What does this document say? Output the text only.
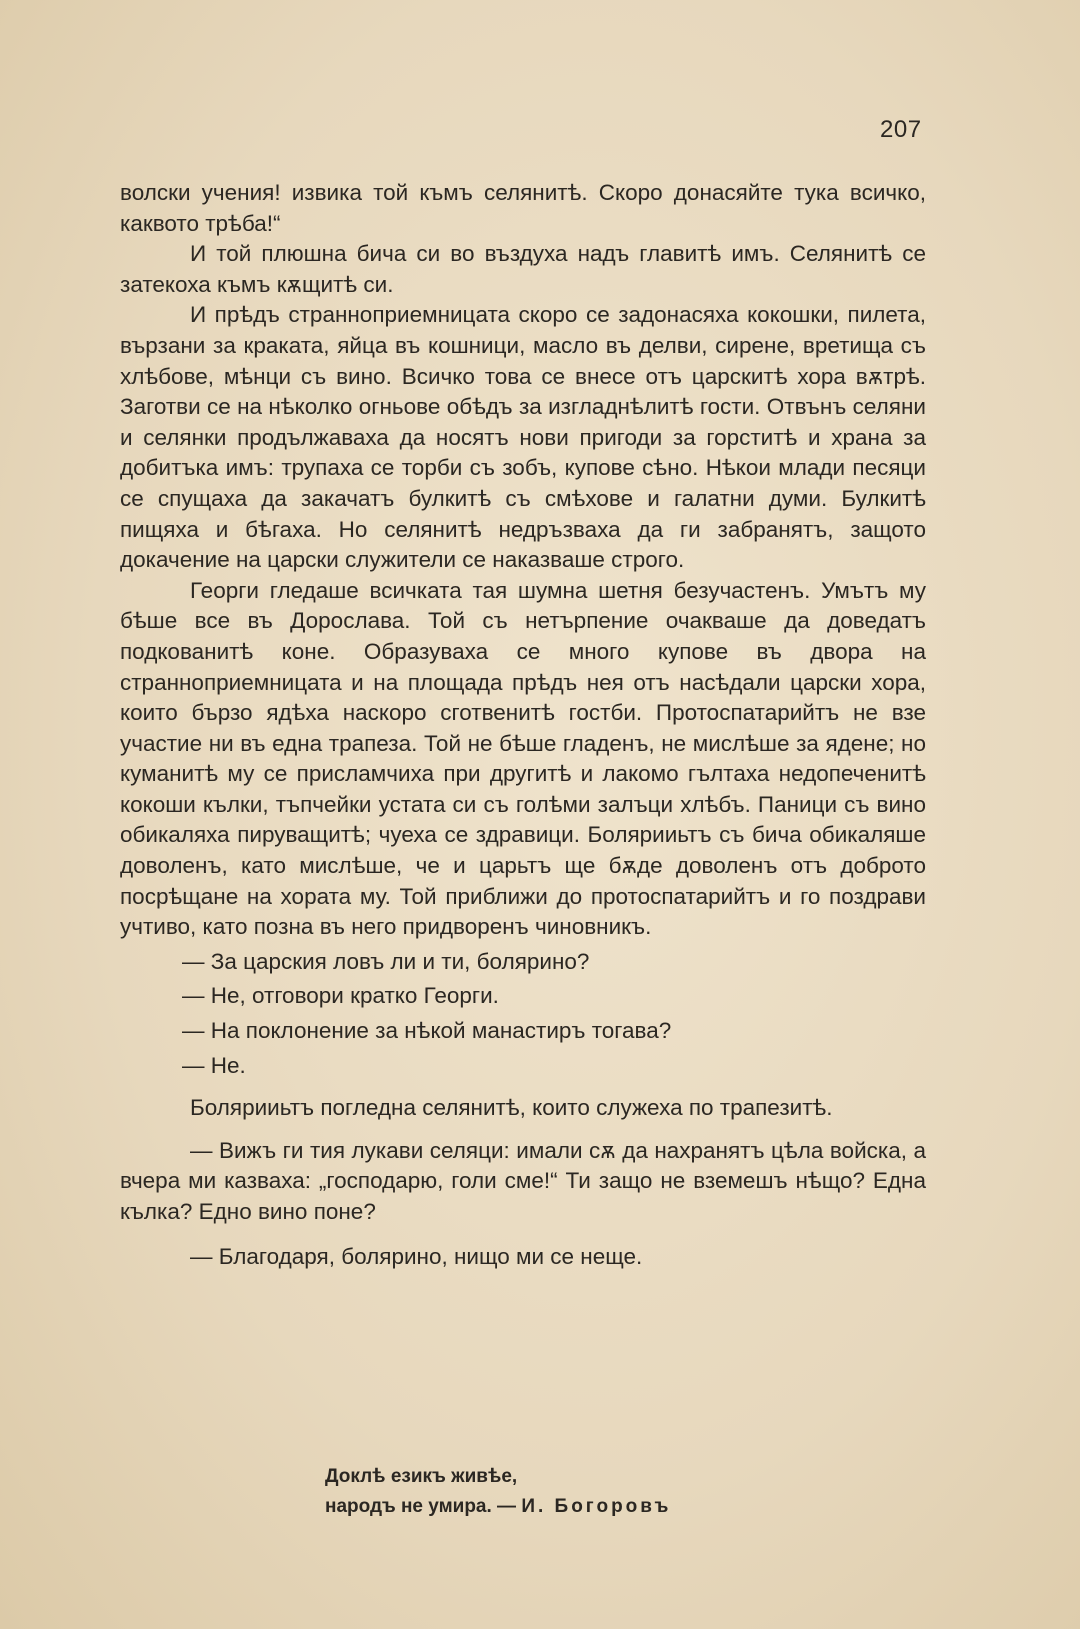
207

волски учения! извика той къмъ селянитѣ. Скоро донасяйте тука всичко, каквото трѣба!“

И той плюшна бича си во въздуха надъ главитѣ имъ. Селянитѣ се затекоха къмъ кѫщитѣ си.

И прѣдъ странноприемницата скоро се задонасяха кокошки, пилета, вързани за краката, яйца въ кошници, масло въ делви, сирене, вретища съ хлѣбове, мѣнци съ вино. Всичко това се внесе отъ царскитѣ хора вѫтрѣ. Заготви се на нѣколко огньове обѣдъ за изгладнѣлитѣ гости. Отвънъ селяни и селянки продължаваха да носятъ нови пригоди за горститѣ и храна за добитъка имъ: трупаха се торби съ зобъ, купове сѣно. Нѣкои млади песяци се спущаха да закачатъ булкитѣ съ смѣхове и галатни думи. Булкитѣ пищяха и бѣгаха. Но селянитѣ недръзваха да ги забранятъ, защото докачение на царски служители се наказваше строго.

Георги гледаше всичката тая шумна шетня безучастенъ. Умътъ му бѣше все въ Дорослава. Той съ нетърпение очакваше да доведатъ подкованитѣ коне. Образуваха се много купове въ двора на странноприемницата и на площада прѣдъ нея отъ насѣдали царски хора, които бързо ядѣха наскоро сготвенитѣ гостби. Протоспатарийтъ не взе участие ни въ една трапеза. Той не бѣше гладенъ, не мислѣше за ядене; но куманитѣ му се присламчиха при другитѣ и лакомо гълтаха недопеченитѣ кокоши кълки, тъпчейки устата си съ голѣми залъци хлѣбъ. Паници съ вино обикаляха пируващитѣ; чуеха се здравици. Болярииьтъ съ бича обикаляше доволенъ, като мислѣше, че и царьтъ ще бѫде доволенъ отъ доброто посрѣщане на хората му. Той приближи до протоспатарийтъ и го поздрави учтиво, като позна въ него придворенъ чиновникъ.

— За царския ловъ ли и ти, болярино?

— Не, отговори кратко Георги.

— На поклонение за нѣкой манастиръ тогава?

— Не.

Болярииьтъ погледна селянитѣ, които служеха по трапезитѣ.

— Вижъ ги тия лукави селяци: имали сѫ да нахранятъ цѣла войска, а вчера ми казваха: „господарю, голи сме!“ Ти защо не вземешъ нѣщо? Една кълка? Едно вино поне?

— Благодаря, болярино, нищо ми се неще.

Доклѣ езикъ живѣе,
народъ не умира. — И. Богоровъ
